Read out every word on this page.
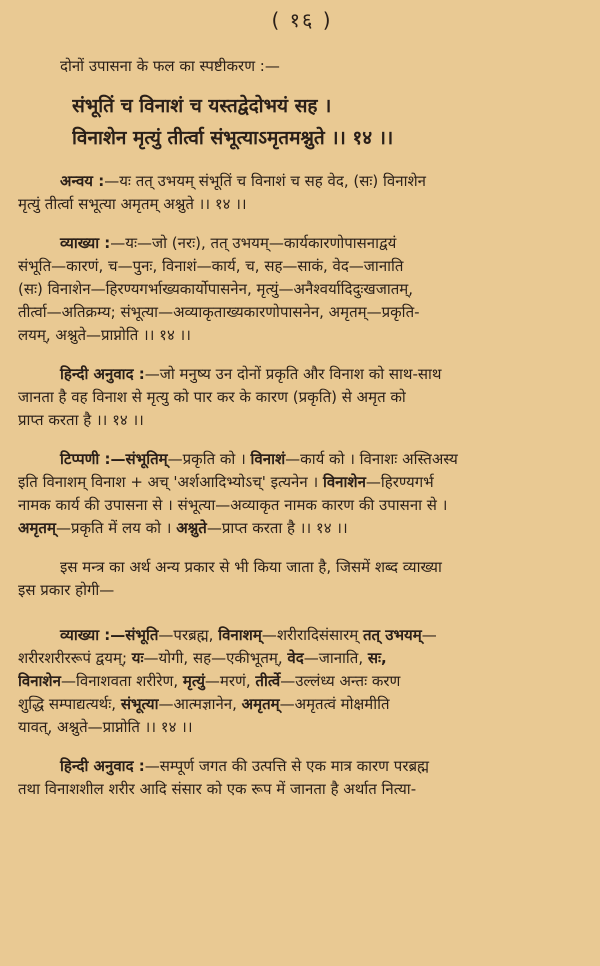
( १६ )
दोनों उपासना के फल का स्पष्टीकरण :—
संभूतिं च विनाशं च यस्तद्वेदोभयं सह ।
विनाशेन मृत्युं तीर्त्वा संभूत्याऽमृतमश्नुते ।। १४ ।।
अन्वय :—यः तत् उभयम् संभूतिं च विनाशं च सह वेद, (सः) विनाशेन
मृत्युं तीर्त्वा सभूत्या अमृतम् अश्नुते ।। १४ ।।
व्याख्या :—यः—जो (नरः), तत् उभयम्—कार्यकारणोपासनाद्वयं
संभूति—कारणं, च—पुनः, विनाशं—कार्य, च, सह—साकं, वेद—जानाति
(सः) विनाशेन—हिरण्यगर्भाख्यकार्योपासनेन, मृत्युं—अनैश्वर्यादिदुःखजातम्,
तीर्त्वा—अतिक्रम्य; संभूत्या—अव्याकृताख्यकारणोपासनेन, अमृतम्—प्रकृति-
लयम्, अश्नुते—प्राप्नोति ।। १४ ।।
हिन्दी अनुवाद :—जो मनुष्य उन दोनों प्रकृति और विनाश को साथ-साथ
जानता है वह विनाश से मृत्यु को पार कर के कारण (प्रकृति) से अमृत को
प्राप्त करता है ।। १४ ।।
टिप्पणी :—संभूतिम्—प्रकृति को । विनाशं—कार्य को । विनाशः अस्तिअस्य
इति विनाशम् विनाश + अच् 'अर्शआदिभ्योऽच्' इत्यनेन । विनाशेन—हिरण्यगर्भ
नामक कार्य की उपासना से । संभूत्या—अव्याकृत नामक कारण की उपासना से ।
अमृतम्—प्रकृति में लय को । अश्नुते—प्राप्त करता है ।। १४ ।।
इस मन्त्र का अर्थ अन्य प्रकार से भी किया जाता है, जिसमें शब्द व्याख्या
इस प्रकार होगी—
व्याख्या :—संभूति—परब्रह्म, विनाशम्—शरीरादिसंसारम् तत् उभयम्—
शरीरशरीररूपं द्वयम्; यः—योगी, सह—एकीभूतम्, वेद—जानाति, सः,
विनाशेन—विनाशवता शरीरेण, मृत्युं—मरणं, तीर्त्वे—उल्लंध्य अन्तः करण
शुद्धि सम्पाद्यत्यर्थः, संभूत्या—आत्मज्ञानेन, अमृतम्—अमृतत्वं मोक्षमीति
यावत्, अश्नुते—प्राप्नोति ।। १४ ।।
हिन्दी अनुवाद :—सम्पूर्ण जगत की उत्पत्ति से एक मात्र कारण परब्रह्म
तथा विनाशशील शरीर आदि संसार को एक रूप में जानता है अर्थात नित्या-
